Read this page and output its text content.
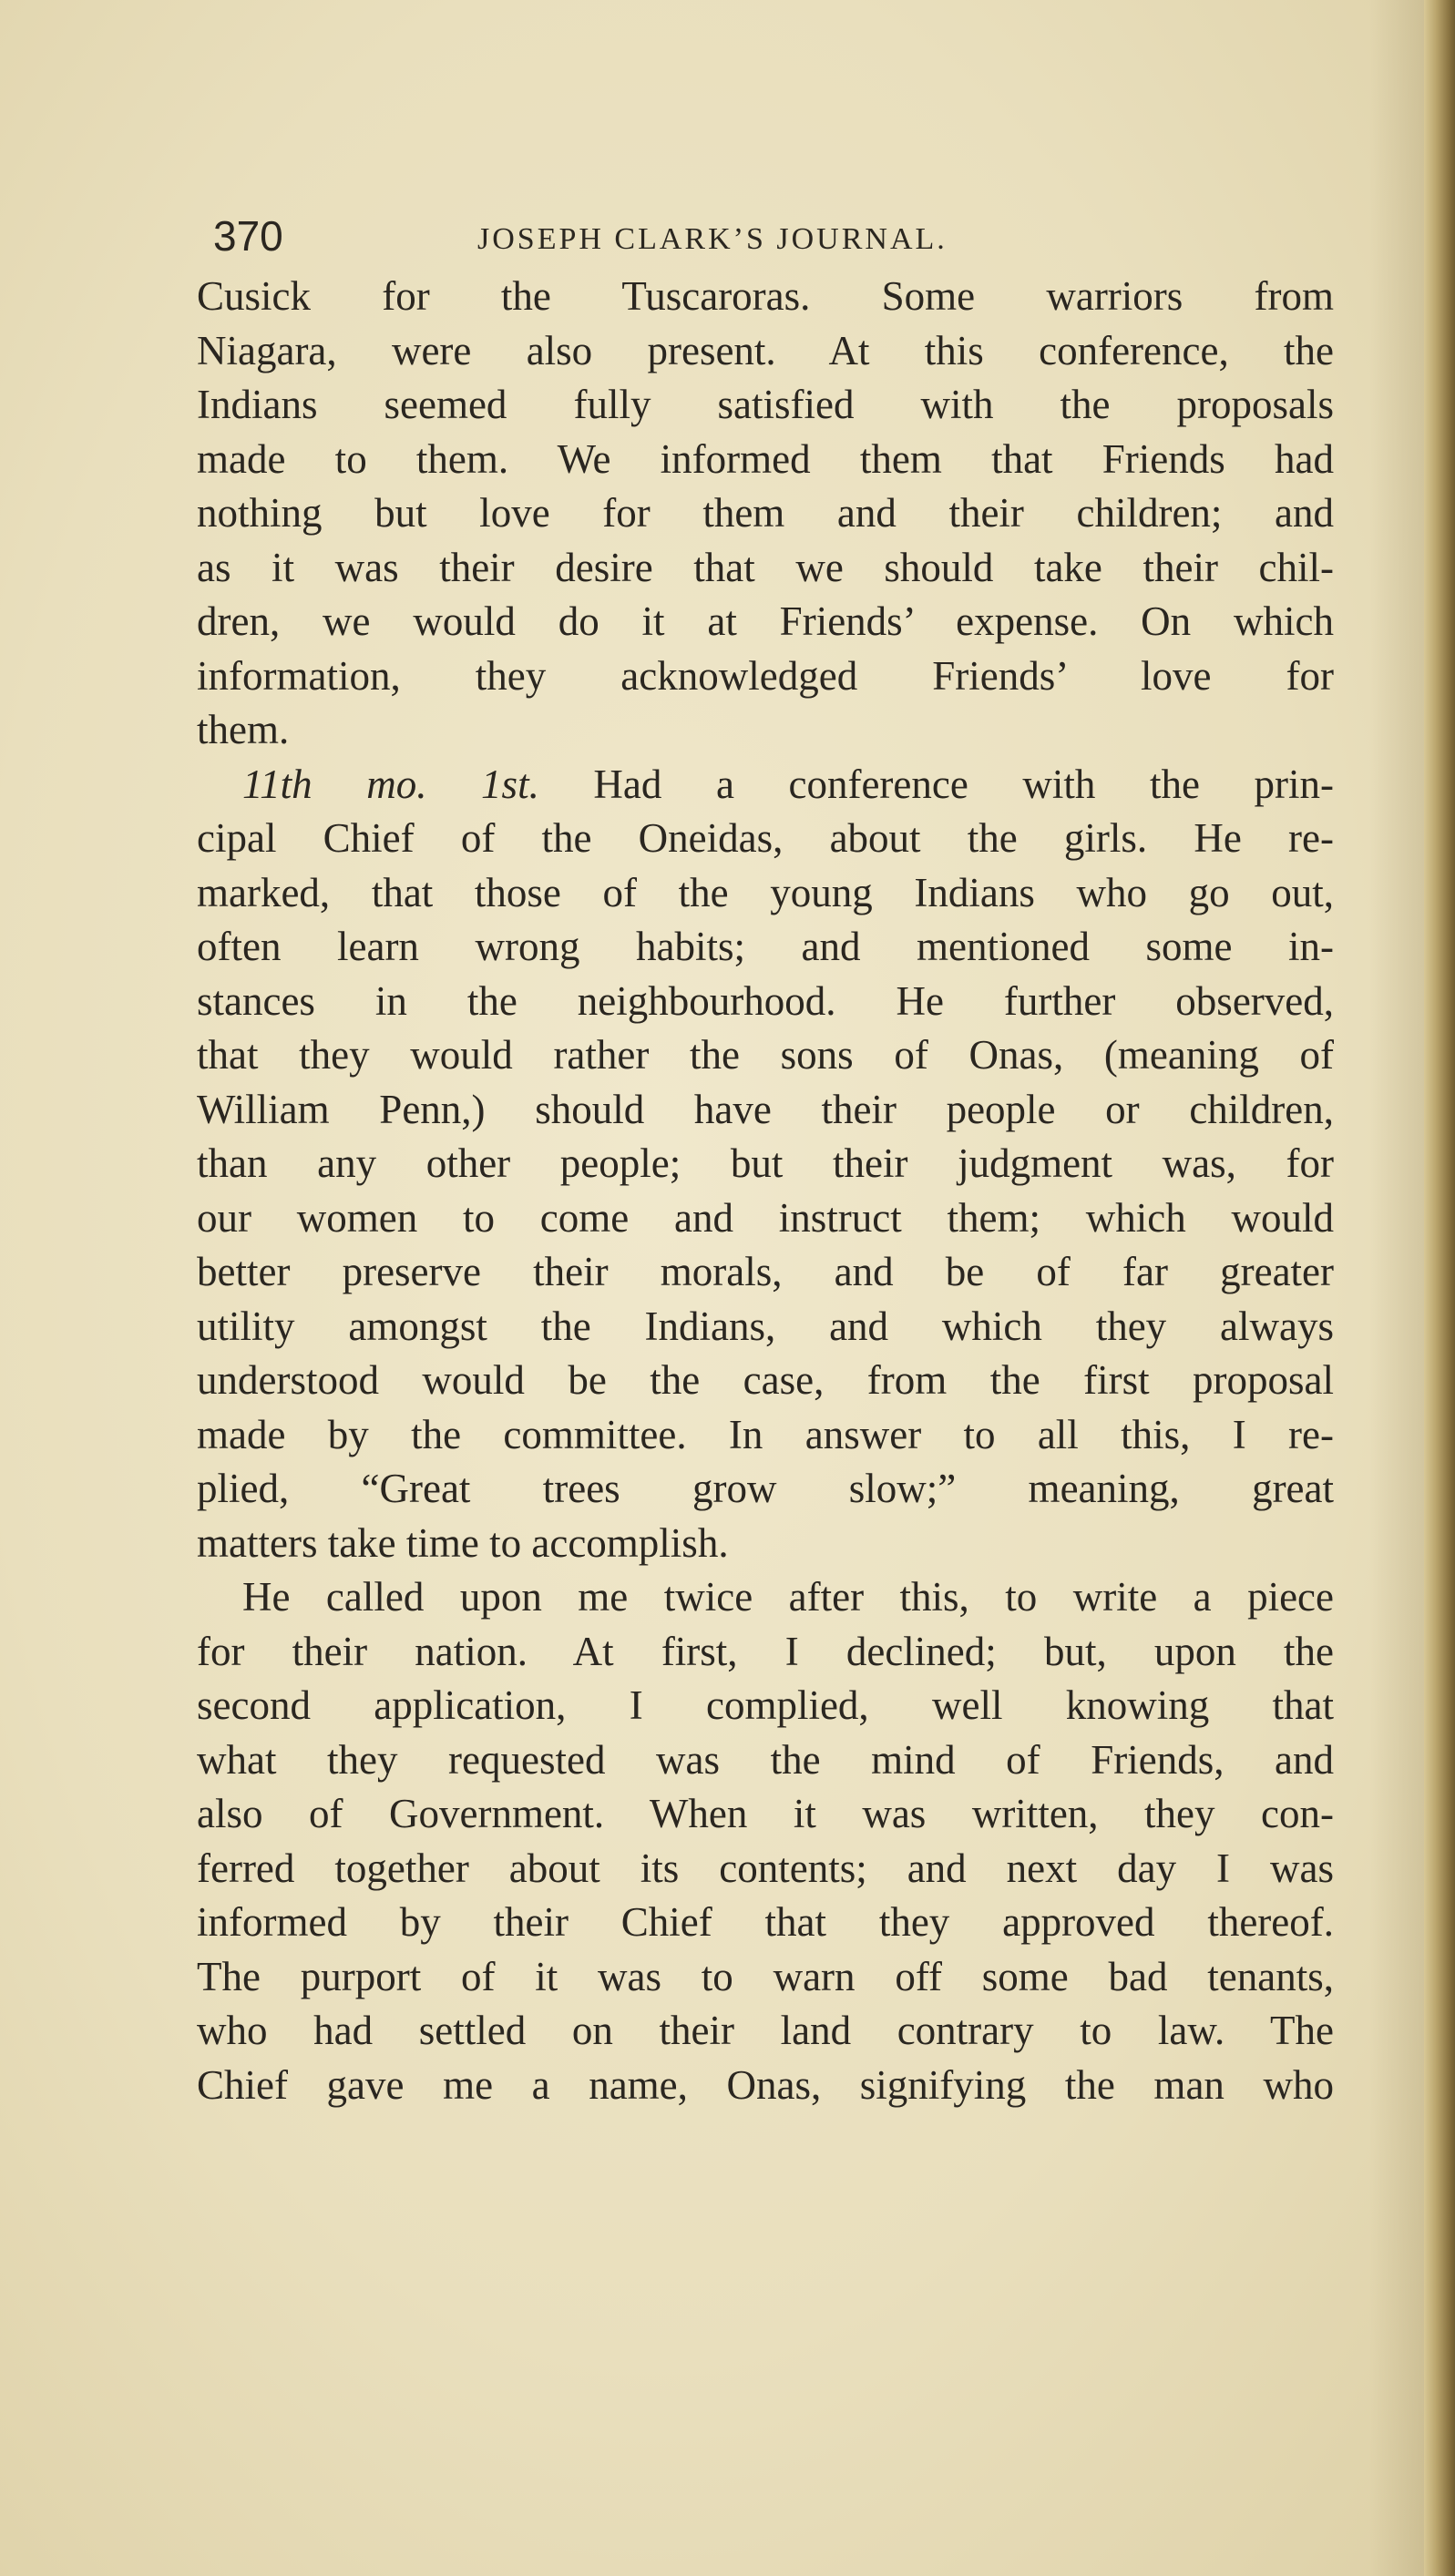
370	JOSEPH CLARK’S JOURNAL.
Cusick for the Tuscaroras. Some warriors from
Niagara, were also present. At this conference, the
Indians seemed fully satisfied with the proposals
made to them. We informed them that Friends had
nothing but love for them and their children; and
as it was their desire that we should take their chil-
dren, we would do it at Friends’ expense. On which
information, they acknowledged Friends’ love for
them.
11th mo. 1st. Had a conference with the prin-
cipal Chief of the Oneidas, about the girls. He re-
marked, that those of the young Indians who go out,
often learn wrong habits; and mentioned some in-
stances in the neighbourhood. He further observed,
that they would rather the sons of Onas, (meaning of
William Penn,) should have their people or children,
than any other people; but their judgment was, for
our women to come and instruct them; which would
better preserve their morals, and be of far greater
utility amongst the Indians, and which they always
understood would be the case, from the first proposal
made by the committee. In answer to all this, I re-
plied, “Great trees grow slow;” meaning, great
matters take time to accomplish.
He called upon me twice after this, to write a piece
for their nation. At first, I declined; but, upon the
second application, I complied, well knowing that
what they requested was the mind of Friends, and
also of Government. When it was written, they con-
ferred together about its contents; and next day I was
informed by their Chief that they approved thereof.
The purport of it was to warn off some bad tenants,
who had settled on their land contrary to law. The
Chief gave me a name, Onas, signifying the man who
